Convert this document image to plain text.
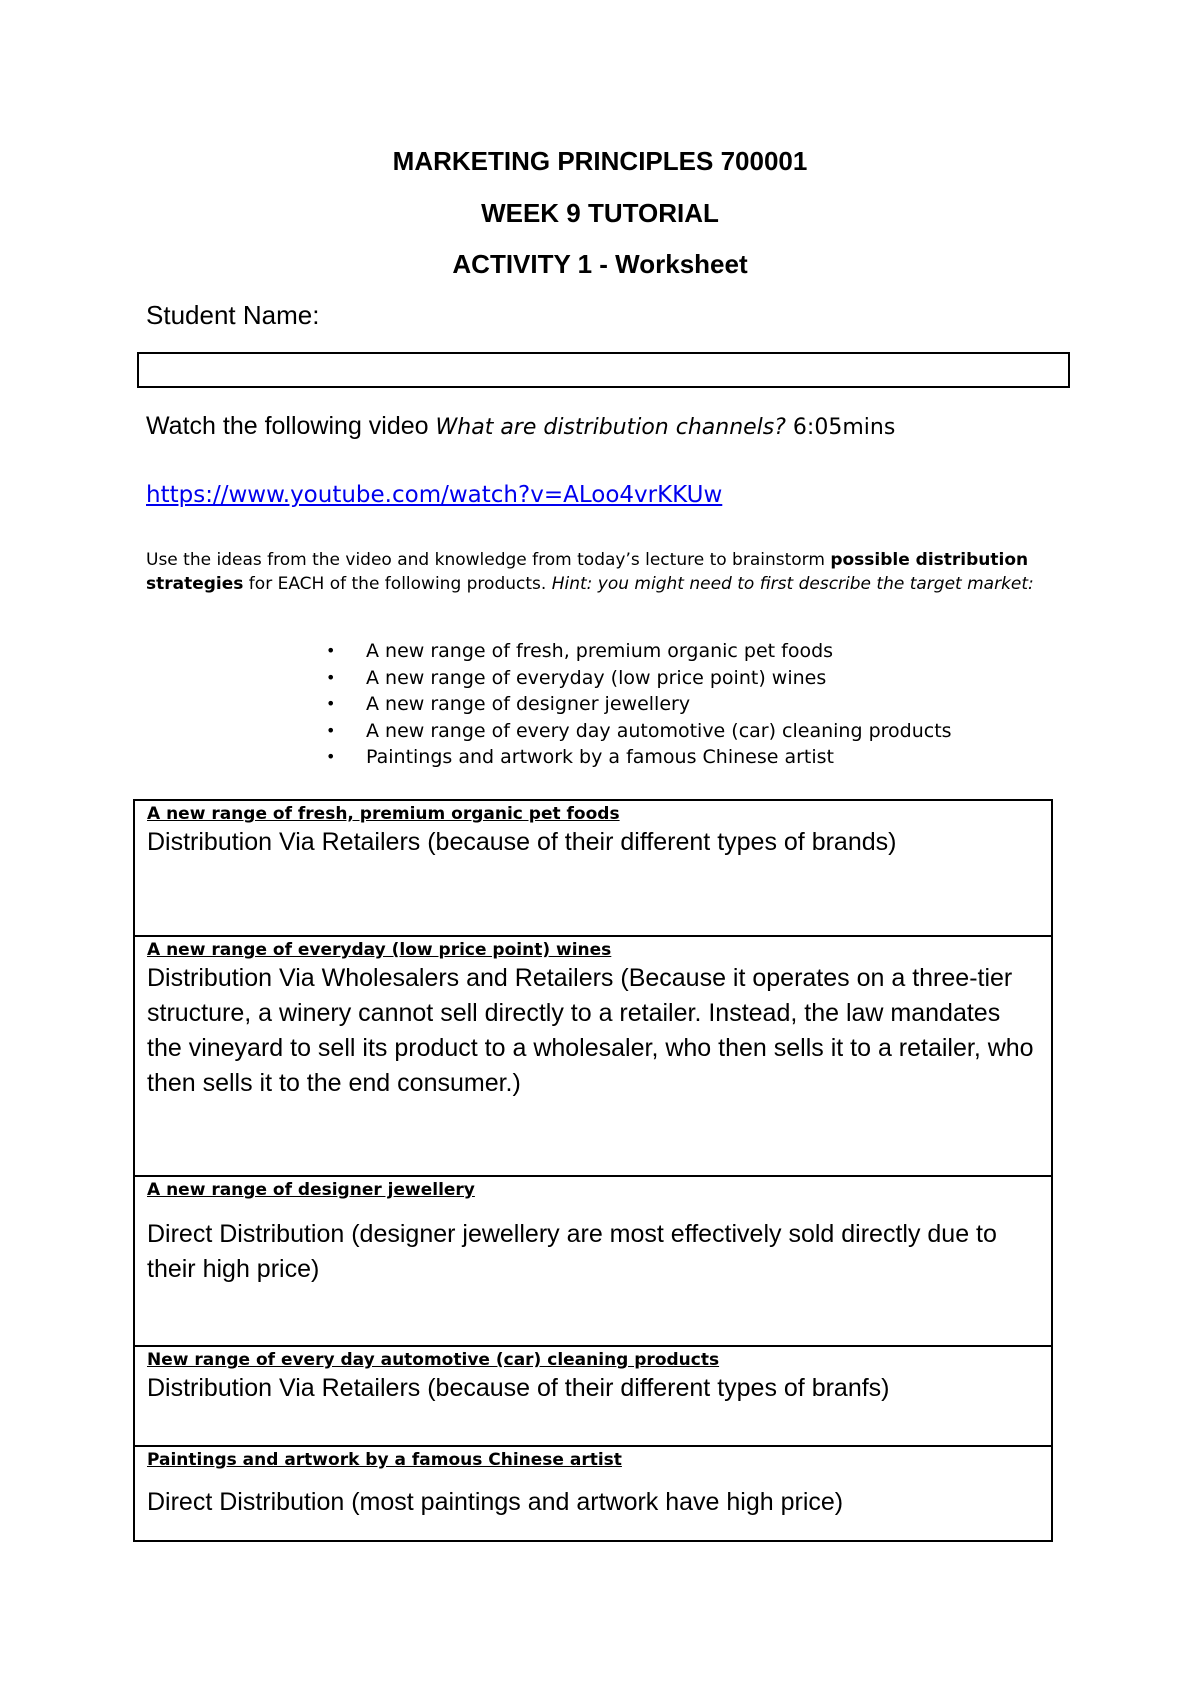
MARKETING PRINCIPLES 700001
WEEK 9 TUTORIAL
ACTIVITY 1 - Worksheet
Student Name:
Watch the following video What are distribution channels? 6:05mins
https://www.youtube.com/watch?v=ALoo4vrKKUw
Use the ideas from the video and knowledge from today’s lecture to brainstorm possible distribution strategies for EACH of the following products. Hint: you might need to first describe the target market:
• A new range of fresh, premium organic pet foods
• A new range of everyday (low price point) wines
• A new range of designer jewellery
• A new range of every day automotive (car) cleaning products
• Paintings and artwork by a famous Chinese artist
A new range of fresh, premium organic pet foods
Distribution Via Retailers (because of their different types of brands)

A new range of everyday (low price point) wines
Distribution Via Wholesalers and Retailers (Because it operates on a three-tier structure, a winery cannot sell directly to a retailer. Instead, the law mandates the vineyard to sell its product to a wholesaler, who then sells it to a retailer, who then sells it to the end consumer.)

A new range of designer jewellery
Direct Distribution (designer jewellery are most effectively sold directly due to their high price)

New range of every day automotive (car) cleaning products
Distribution Via Retailers (because of their different types of branfs)

Paintings and artwork by a famous Chinese artist
Direct Distribution (most paintings and artwork have high price)
